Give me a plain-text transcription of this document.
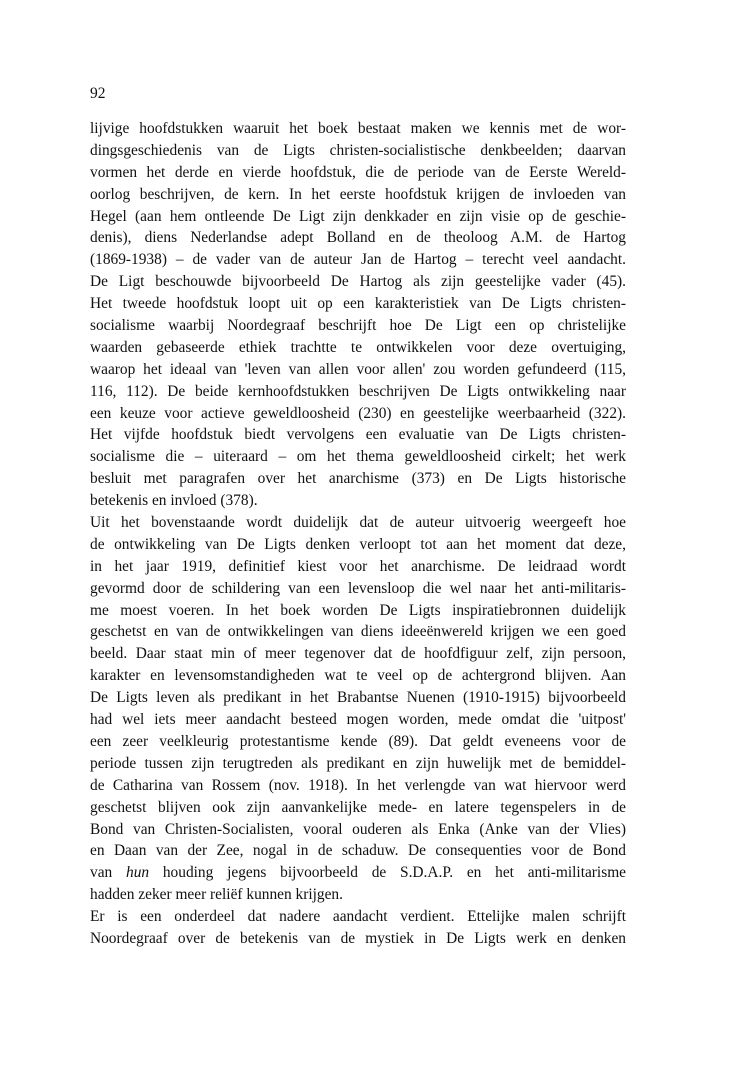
92
lijvige hoofdstukken waaruit het boek bestaat maken we kennis met de wor-
dingsgeschiedenis van de Ligts christen-socialistische denkbeelden; daarvan
vormen het derde en vierde hoofdstuk, die de periode van de Eerste Wereld-
oorlog beschrijven, de kern. In het eerste hoofdstuk krijgen de invloeden van
Hegel (aan hem ontleende De Ligt zijn denkkader en zijn visie op de geschie-
denis), diens Nederlandse adept Bolland en de theoloog A.M. de Hartog
(1869-1938) – de vader van de auteur Jan de Hartog – terecht veel aandacht.
De Ligt beschouwde bijvoorbeeld De Hartog als zijn geestelijke vader (45).
Het tweede hoofdstuk loopt uit op een karakteristiek van De Ligts christen-
socialisme waarbij Noordegraaf beschrijft hoe De Ligt een op christelijke
waarden gebaseerde ethiek trachtte te ontwikkelen voor deze overtuiging,
waarop het ideaal van 'leven van allen voor allen' zou worden gefundeerd (115,
116, 112). De beide kernhoofdstukken beschrijven De Ligts ontwikkeling naar
een keuze voor actieve geweldloosheid (230) en geestelijke weerbaarheid (322).
Het vijfde hoofdstuk biedt vervolgens een evaluatie van De Ligts christen-
socialisme die – uiteraard – om het thema geweldloosheid cirkelt; het werk
besluit met paragrafen over het anarchisme (373) en De Ligts historische
betekenis en invloed (378).
Uit het bovenstaande wordt duidelijk dat de auteur uitvoerig weergeeft hoe
de ontwikkeling van De Ligts denken verloopt tot aan het moment dat deze,
in het jaar 1919, definitief kiest voor het anarchisme. De leidraad wordt
gevormd door de schildering van een levensloop die wel naar het anti-militaris-
me moest voeren. In het boek worden De Ligts inspiratiebronnen duidelijk
geschetst en van de ontwikkelingen van diens ideeënwereld krijgen we een goed
beeld. Daar staat min of meer tegenover dat de hoofdfiguur zelf, zijn persoon,
karakter en levensomstandigheden wat te veel op de achtergrond blijven. Aan
De Ligts leven als predikant in het Brabantse Nuenen (1910-1915) bijvoorbeeld
had wel iets meer aandacht besteed mogen worden, mede omdat die 'uitpost'
een zeer veelkleurig protestantisme kende (89). Dat geldt eveneens voor de
periode tussen zijn terugtreden als predikant en zijn huwelijk met de bemiddel-
de Catharina van Rossem (nov. 1918). In het verlengde van wat hiervoor werd
geschetst blijven ook zijn aanvankelijke mede- en latere tegenspelers in de
Bond van Christen-Socialisten, vooral ouderen als Enka (Anke van der Vlies)
en Daan van der Zee, nogal in de schaduw. De consequenties voor de Bond
van hun houding jegens bijvoorbeeld de S.D.A.P. en het anti-militarisme
hadden zeker meer reliëf kunnen krijgen.
Er is een onderdeel dat nadere aandacht verdient. Ettelijke malen schrijft
Noordegraaf over de betekenis van de mystiek in De Ligts werk en denken
